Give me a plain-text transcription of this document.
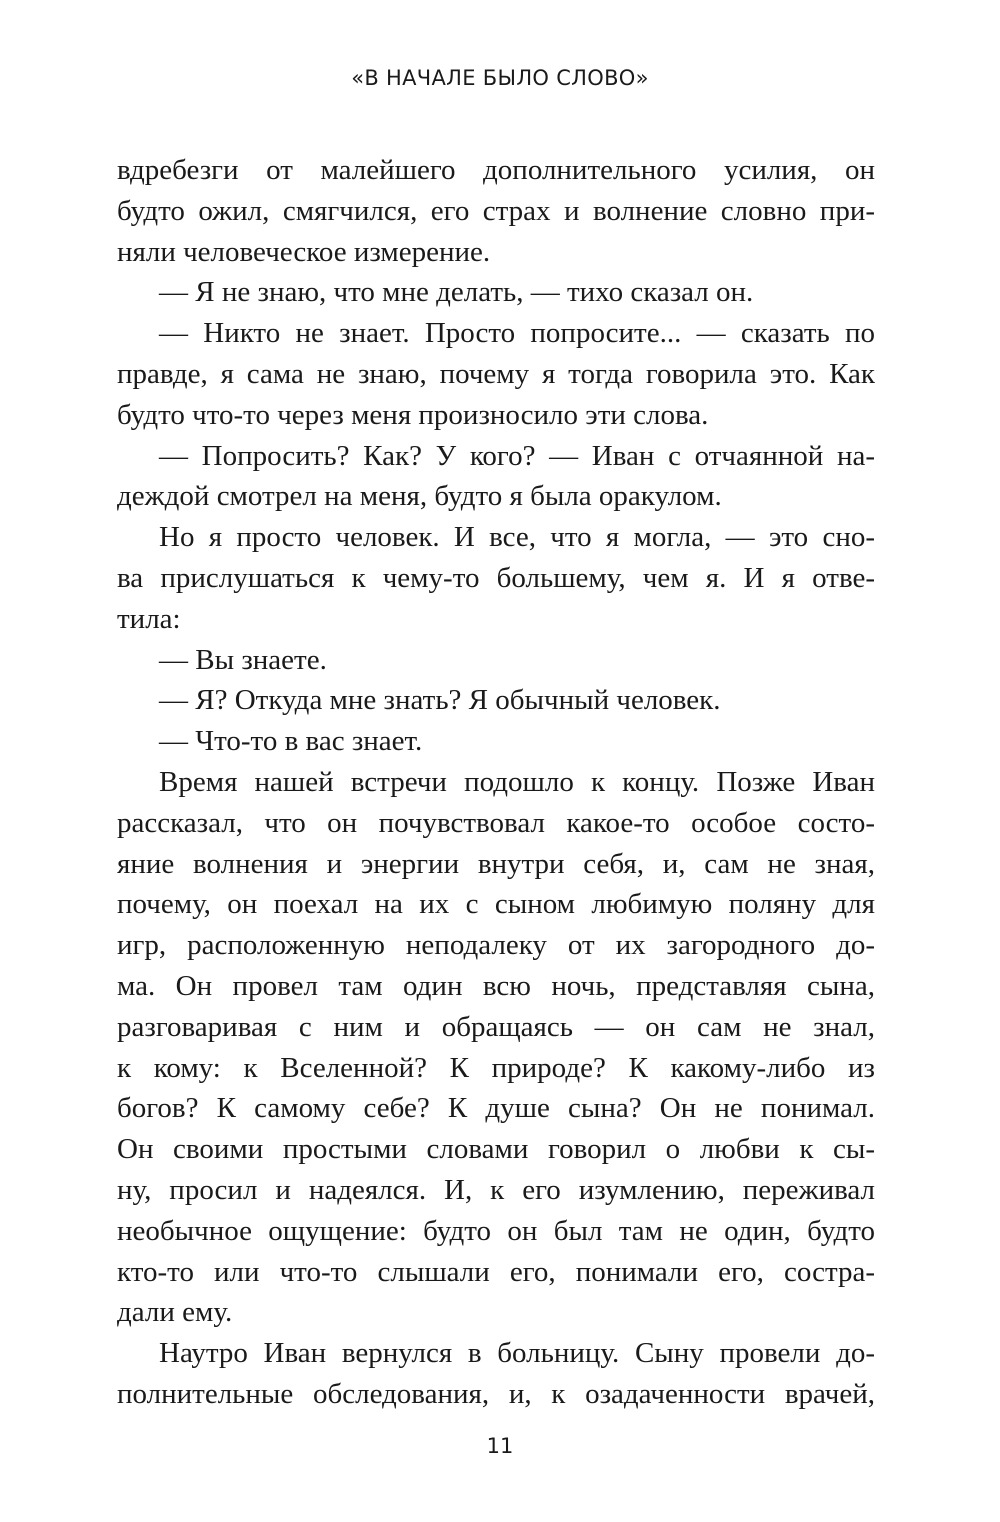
«В НАЧАЛЕ БЫЛО СЛОВО»
вдребезги от малейшего дополнительного усилия, он
будто ожил, смягчился, его страх и волнение словно при-
няли человеческое измерение.
— Я не знаю, что мне делать, — тихо сказал он.
— Никто не знает. Просто попросите... — сказать по
правде, я сама не знаю, почему я тогда говорила это. Как
будто что-то через меня произносило эти слова.
— Попросить? Как? У кого? — Иван с отчаянной на-
деждой смотрел на меня, будто я была оракулом.
Но я просто человек. И все, что я могла, — это сно-
ва прислушаться к чему-то большему, чем я. И я отве-
тила:
— Вы знаете.
— Я? Откуда мне знать? Я обычный человек.
— Что-то в вас знает.
Время нашей встречи подошло к концу. Позже Иван
рассказал, что он почувствовал какое-то особое состо-
яние волнения и энергии внутри себя, и, сам не зная,
почему, он поехал на их с сыном любимую поляну для
игр, расположенную неподалеку от их загородного до-
ма. Он провел там один всю ночь, представляя сына,
разговаривая с ним и обращаясь — он сам не знал,
к кому: к Вселенной? К природе? К какому-либо из
богов? К самому себе? К душе сына? Он не понимал.
Он своими простыми словами говорил о любви к сы-
ну, просил и надеялся. И, к его изумлению, переживал
необычное ощущение: будто он был там не один, будто
кто-то или что-то слышали его, понимали его, состра-
дали ему.
Наутро Иван вернулся в больницу. Сыну провели до-
полнительные обследования, и, к озадаченности врачей,
11
